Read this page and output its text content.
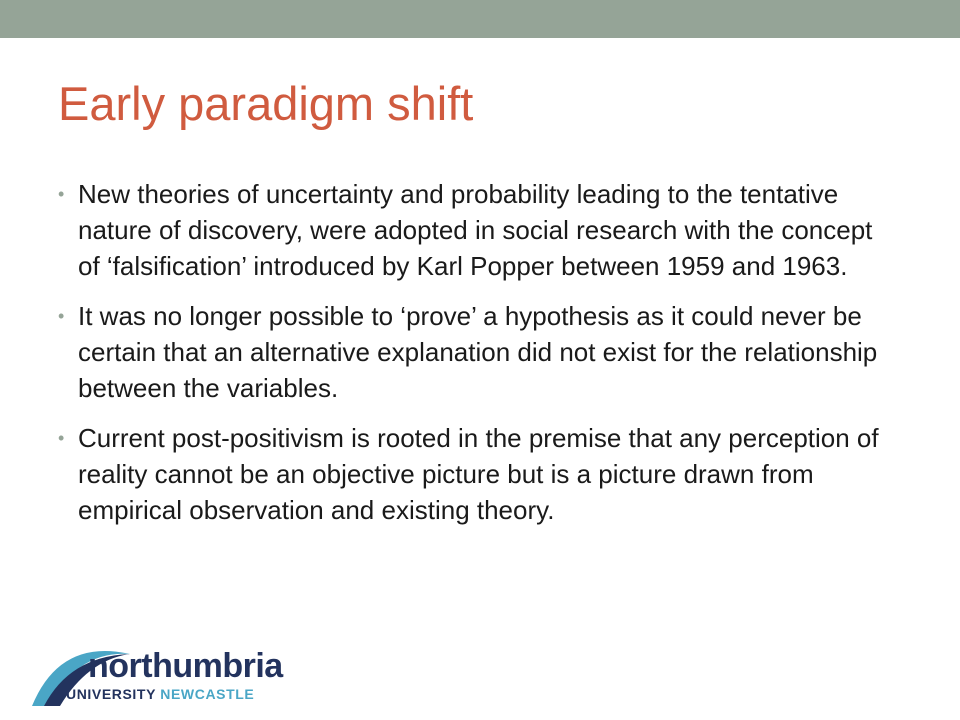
Early paradigm shift
• New theories of uncertainty and probability leading to the tentative nature of discovery, were adopted in social research with the concept of ‘falsification’ introduced by Karl Popper between 1959 and 1963.
• It was no longer possible to ‘prove’ a hypothesis as it could never be certain that an alternative explanation did not exist for the relationship between the variables.
• Current post-positivism is rooted in the premise that any perception of reality cannot be an objective picture but is a picture drawn from empirical observation and existing theory.
northumbria
UNIVERSITY NEWCASTLE
